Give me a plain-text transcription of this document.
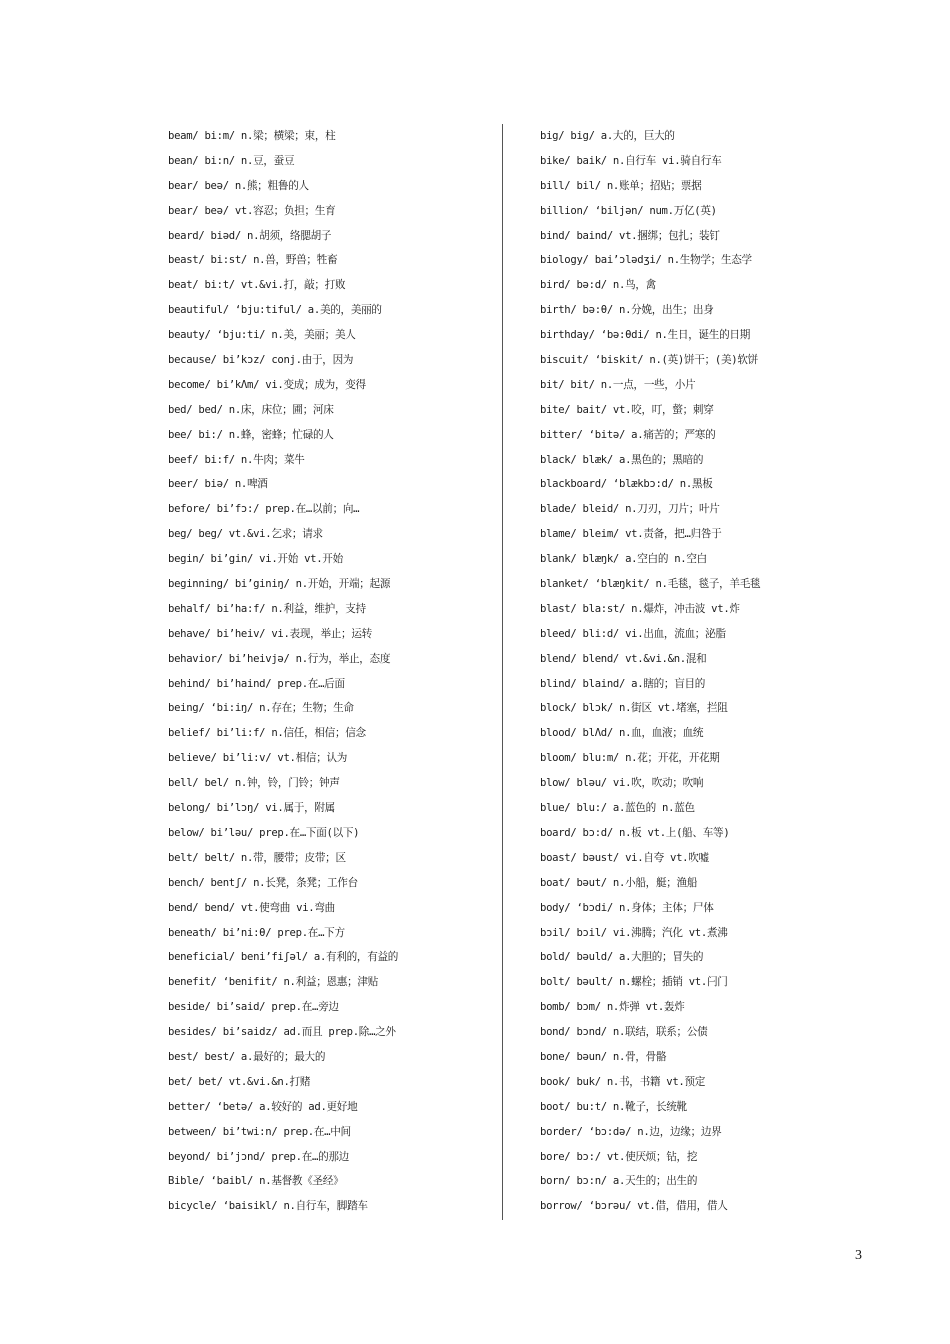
beam/ bi:m/ n.梁；横梁；束，柱
bean/ bi:n/ n.豆，蚕豆
bear/ beə/ n.熊；粗鲁的人
bear/ beə/ vt.容忍；负担；生育
beard/ biəd/ n.胡须，络腮胡子
beast/ bi:st/ n.兽，野兽；牲畜
beat/ bi:t/ vt.&vi.打，敲；打败
beautiful/ ‘bju:tiful/ a.美的，美丽的
beauty/ ‘bju:ti/ n.美，美丽；美人
because/ bi’kɔz/ conj.由于，因为
become/ bi’kΛm/ vi.变成；成为，变得
bed/ bed/ n.床，床位；圃；河床
bee/ bi:/ n.蜂，密蜂；忙碌的人
beef/ bi:f/ n.牛肉；菜牛
beer/ biə/ n.啤酒
before/ bi’fɔ:/ prep.在…以前；向…
beg/ beg/ vt.&vi.乞求；请求
begin/ bi’gin/ vi.开始 vt.开始
beginning/ bi’giniŋ/ n.开始，开端；起源
behalf/ bi’ha:f/ n.利益，维护，支持
behave/ bi’heiv/ vi.表现，举止；运转
behavior/ bi’heivjə/ n.行为，举止，态度
behind/ bi’haind/ prep.在…后面
being/ ‘bi:iŋ/ n.存在；生物；生命
belief/ bi’li:f/ n.信任，相信；信念
believe/ bi’li:v/ vt.相信；认为
bell/ bel/ n.钟，铃，门铃；钟声
belong/ bi’lɔŋ/ vi.属于，附属
below/ bi’ləu/ prep.在…下面(以下)
belt/ belt/ n.带，腰带；皮带；区
bench/ bentʃ/ n.长凳，条凳；工作台
bend/ bend/ vt.使弯曲 vi.弯曲
beneath/ bi’ni:θ/ prep.在…下方
beneficial/ beni’fiʃəl/ a.有利的，有益的
benefit/ ‘benifit/ n.利益；恩惠；津贴
beside/ bi’said/ prep.在…旁边
besides/ bi’saidz/ ad.而且 prep.除…之外
best/ best/ a.最好的；最大的
bet/ bet/ vt.&vi.&n.打赌
better/ ‘betə/ a.较好的 ad.更好地
between/ bi’twi:n/ prep.在…中间
beyond/ bi’jɔnd/ prep.在…的那边
Bible/ ‘baibl/ n.基督教《圣经》
bicycle/ ‘baisikl/ n.自行车，脚踏车
big/ big/ a.大的，巨大的
bike/ baik/ n.自行车 vi.骑自行车
bill/ bil/ n.账单；招贴；票据
billion/ ‘biljən/ num.万亿(英)
bind/ baind/ vt.捆绑；包扎；装钉
biology/ bai’ɔlədʒi/ n.生物学；生态学
bird/ bə:d/ n.鸟，禽
birth/ bə:θ/ n.分娩，出生；出身
birthday/ ‘bə:θdi/ n.生日，诞生的日期
biscuit/ ‘biskit/ n.(英)饼干；(美)软饼
bit/ bit/ n.一点，一些，小片
bite/ bait/ vt.咬，叮，螫；刺穿
bitter/ ‘bitə/ a.痛苦的；严寒的
black/ blæk/ a.黑色的；黑暗的
blackboard/ ‘blækbɔ:d/ n.黑板
blade/ bleid/ n.刀刃，刀片；叶片
blame/ bleim/ vt.责备，把…归咎于
blank/ blæŋk/ a.空白的 n.空白
blanket/ ‘blæŋkit/ n.毛毯，毯子，羊毛毯
blast/ bla:st/ n.爆炸，冲击波 vt.炸
bleed/ bli:d/ vi.出血，流血；泌脂
blend/ blend/ vt.&vi.&n.混和
blind/ blaind/ a.瞎的；盲目的
block/ blɔk/ n.街区 vt.堵塞，拦阻
blood/ blΛd/ n.血，血液；血统
bloom/ blu:m/ n.花；开花，开花期
blow/ bləu/ vi.吹，吹动；吹响
blue/ blu:/ a.蓝色的 n.蓝色
board/ bɔ:d/ n.板 vt.上(船、车等)
boast/ bəust/ vi.自夸 vt.吹嘘
boat/ bəut/ n.小船，艇；渔船
body/ ‘bɔdi/ n.身体；主体；尸体
bɔil/ bɔil/ vi.沸腾；汽化 vt.煮沸
bold/ bəuld/ a.大胆的；冒失的
bolt/ bəult/ n.螺栓；插销 vt.闩门
bomb/ bɔm/ n.炸弹 vt.轰炸
bond/ bɔnd/ n.联结，联系；公债
bone/ bəun/ n.骨，骨骼
book/ buk/ n.书，书籍 vt.预定
boot/ bu:t/ n.靴子，长统靴
border/ ‘bɔ:də/ n.边，边缘；边界
bore/ bɔ:/ vt.使厌烦；钻，挖
born/ bɔ:n/ a.天生的；出生的
borrow/ ‘bɔrəu/ vt.借，借用，借人
3
